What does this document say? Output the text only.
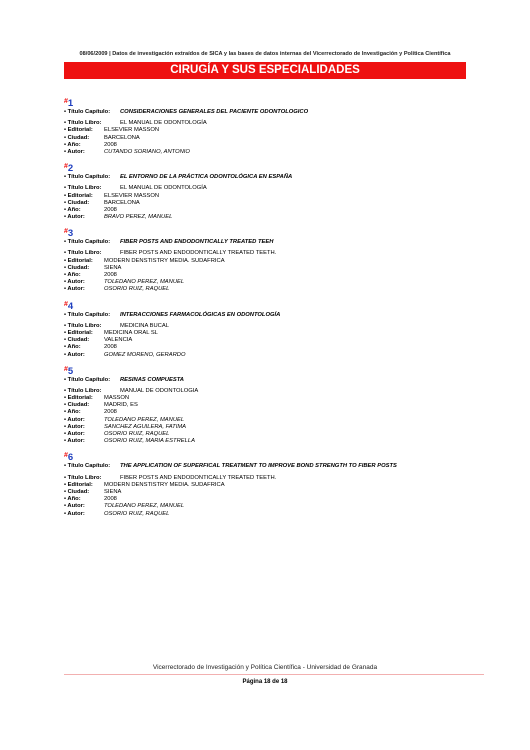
08/06/2009 | Datos de investigación extraídos de SICA y las bases de datos internas del Vicerrectorado de Investigación y Política Científica
CIRUGÍA Y SUS ESPECIALIDADES
#1
• Título Capítulo: CONSIDERACIONES GENERALES DEL PACIENTE ODONTOLOGICO
• Título Libro:	EL MANUAL DE ODONTOLOGÍA
• Editorial: ELSEVIER MASSON
• Ciudad:	BARCELONA
• Año:	2008
• Autor:	CUTANDO SORIANO, ANTONIO
#2
• Título Capítulo: EL ENTORNO DE LA PRÁCTICA ODONTOLÓGICA EN ESPAÑA
• Título Libro:	EL MANUAL DE ODONTOLOGÍA
• Editorial: ELSEVIER MASSON
• Ciudad:	BARCELONA
• Año:	2008
• Autor:	BRAVO PEREZ, MANUEL
#3
• Título Capítulo: FIBER POSTS AND ENDODONTICALLY TREATED TEEH
• Título Libro:	FIBER POSTS AND ENDODONTICALLY TREATED TEETH.
• Editorial: MODERN DENSTISTRY MEDIA. SUDAFRICA
• Ciudad:	SIENA
• Año:	2008
• Autor:	TOLEDANO PEREZ, MANUEL
• Autor:	OSORIO RUIZ, RAQUEL
#4
• Título Capítulo: INTERACCIONES FARMACOLÓGICAS EN ODONTOLOGÍA
• Título Libro:	MEDICINA BUCAL
• Editorial: MEDICINA ORAL SL
• Ciudad:	VALENCIA
• Año:	2008
• Autor:	GOMEZ MORENO, GERARDO
#5
• Título Capítulo: RESINAS COMPUESTA
• Título Libro:	MANUAL DE ODONTOLOGIA
• Editorial: MASSON
• Ciudad:	MADRID, ES
• Año:	2008
• Autor:	TOLEDANO PEREZ, MANUEL
• Autor:	SANCHEZ AGUILERA, FATIMA
• Autor:	OSORIO RUIZ, RAQUEL
• Autor:	OSORIO RUIZ, MARIA ESTRELLA
#6
• Título Capítulo: THE APPLICATION OF SUPERFICAL TREATMENT TO IMPROVE BOND STRENGTH TO FIBER POSTS
• Título Libro:	FIBER POSTS AND ENDODONTICALLY TREATED TEETH.
• Editorial: MODERN DENSTISTRY MEDIA. SUDAFRICA
• Ciudad:	SIENA
• Año:	2008
• Autor:	TOLEDANO PEREZ, MANUEL
• Autor:	OSORIO RUIZ, RAQUEL
Vicerrectorado de Investigación y Política Científica - Universidad de Granada
Página 18 de 18
